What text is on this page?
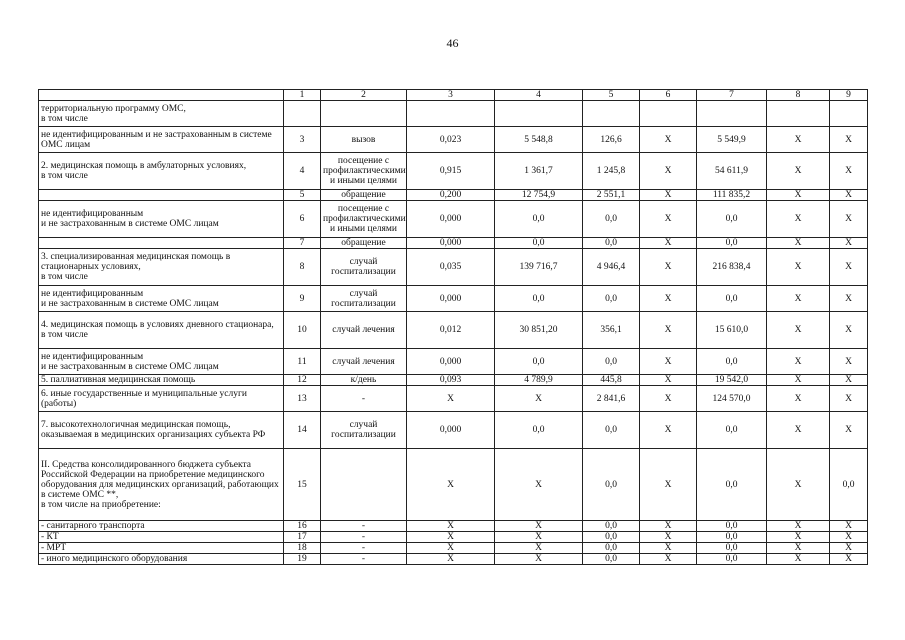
46
	1	2	3	4	5	6	7	8	9
территориальную программу ОМС,
в том числе									
не идентифицированным и не застрахованным в системе ОМС лицам	3	вызов	0,023	5 548,8	126,6	X	5 549,9	X	X
2. медицинская помощь в амбулаторных условиях,
в том числе	4	посещение с профилактическими и иными целями	0,915	1 361,7	1 245,8	X	54 611,9	X	X
	5	обращение	0,200	12 754,9	2 551,1	X	111 835,2	X	X
не идентифицированным
и не застрахованным в системе ОМС лицам	6	посещение с профилактическими и иными целями	0,000	0,0	0,0	X	0,0	X	X
	7	обращение	0,000	0,0	0,0	X	0,0	X	X
3. специализированная медицинская помощь в стационарных условиях,
в том числе	8	случай госпитализации	0,035	139 716,7	4 946,4	X	216 838,4	X	X
не идентифицированным
и не застрахованным в системе ОМС лицам	9	случай госпитализации	0,000	0,0	0,0	X	0,0	X	X
4. медицинская помощь в условиях дневного стационара,
в том числе	10	случай лечения	0,012	30 851,20	356,1	X	15 610,0	X	X
не идентифицированным
и не застрахованным в системе ОМС лицам	11	случай лечения	0,000	0,0	0,0	X	0,0	X	X
5. паллиативная медицинская помощь	12	к/день	0,093	4 789,9	445,8	X	19 542,0	X	X
6. иные государственные и муниципальные услуги (работы)	13	-	X	X	2 841,6	X	124 570,0	X	X
7. высокотехнологичная медицинская помощь, оказываемая в медицинских организациях субъекта РФ	14	случай госпитализации	0,000	0,0	0,0	X	0,0	X	X
II. Средства консолидированного бюджета субъекта Российской Федерации на приобретение медицинского оборудования для медицинских организаций, работающих в системе ОМС **,
в том числе на приобретение:	15		X	X	0,0	X	0,0	X	0,0
- санитарного транспорта	16	-	X	X	0,0	X	0,0	X	X
- КТ	17	-	X	X	0,0	X	0,0	X	X
- МРТ	18	-	X	X	0,0	X	0,0	X	X
- иного медицинского оборудования	19	-	X	X	0,0	X	0,0	X	X
